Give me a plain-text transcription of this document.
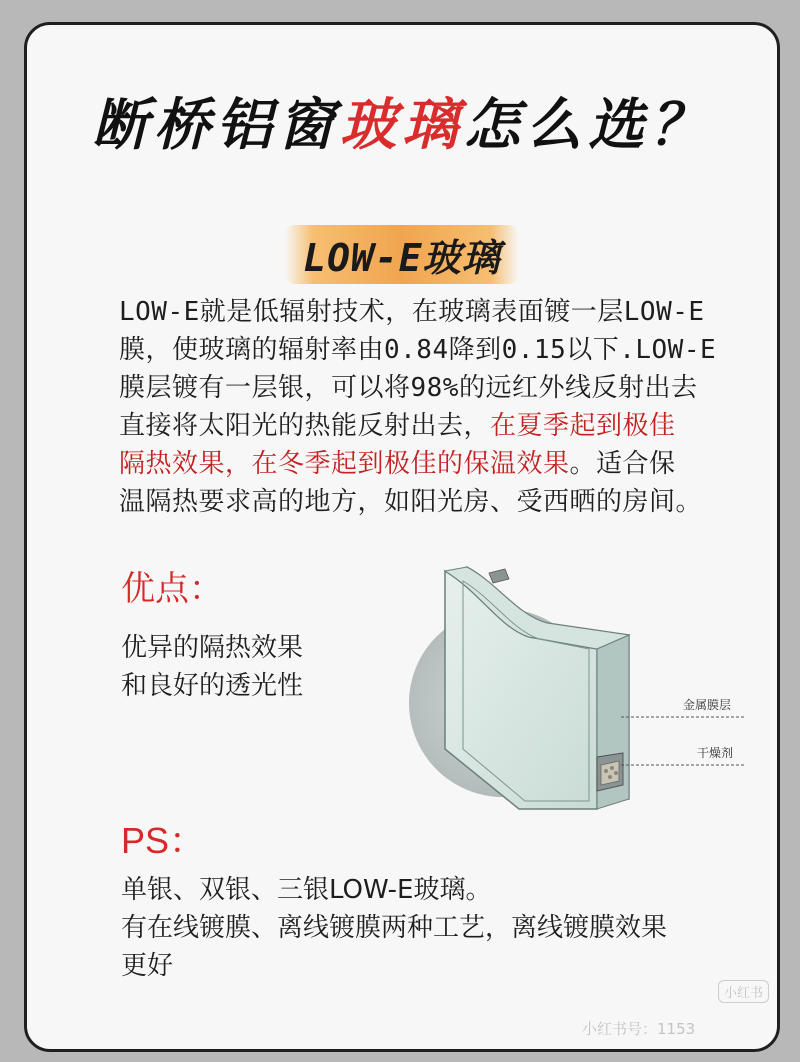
断桥铝窗玻璃怎么选？
LOW-E玻璃
LOW-E就是低辐射技术，在玻璃表面镀一层LOW-E
膜，使玻璃的辐射率由0.84降到0.15以下.LOW-E
膜层镀有一层银，可以将98%的远红外线反射出去
直接将太阳光的热能反射出去，在夏季起到极佳
隔热效果，在冬季起到极佳的保温效果。适合保
温隔热要求高的地方，如阳光房、受西晒的房间。
优点：
优异的隔热效果
和良好的透光性
金属膜层
干燥剂
PS：
单银、双银、三银LOW-E玻璃。
有在线镀膜、离线镀膜两种工艺，离线镀膜效果
更好
小红书
小红书号：1153
